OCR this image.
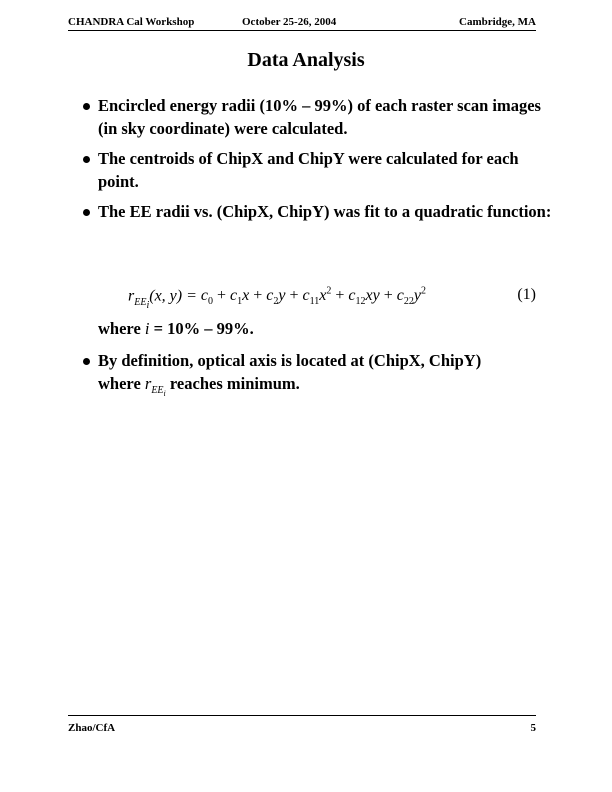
CHANDRA Cal Workshop	October 25-26, 2004	Cambridge, MA
Data Analysis
Encircled energy radii (10% – 99%) of each raster scan images (in sky coordinate) were calculated.
The centroids of ChipX and ChipY were calculated for each point.
The EE radii vs. (ChipX, ChipY) was fit to a quadratic function:
$r_{EE_i}(x$, $y) = c_0 + c_1x + c_2y + c_{11}x^2 + c_{12}xy + c_{22}y^2$	(1)
where i = 10% – 99%.
By definition, optical axis is located at (ChipX, ChipY)
where $r_{EE_i}$ reaches minimum.
Zhao/CfA	5
